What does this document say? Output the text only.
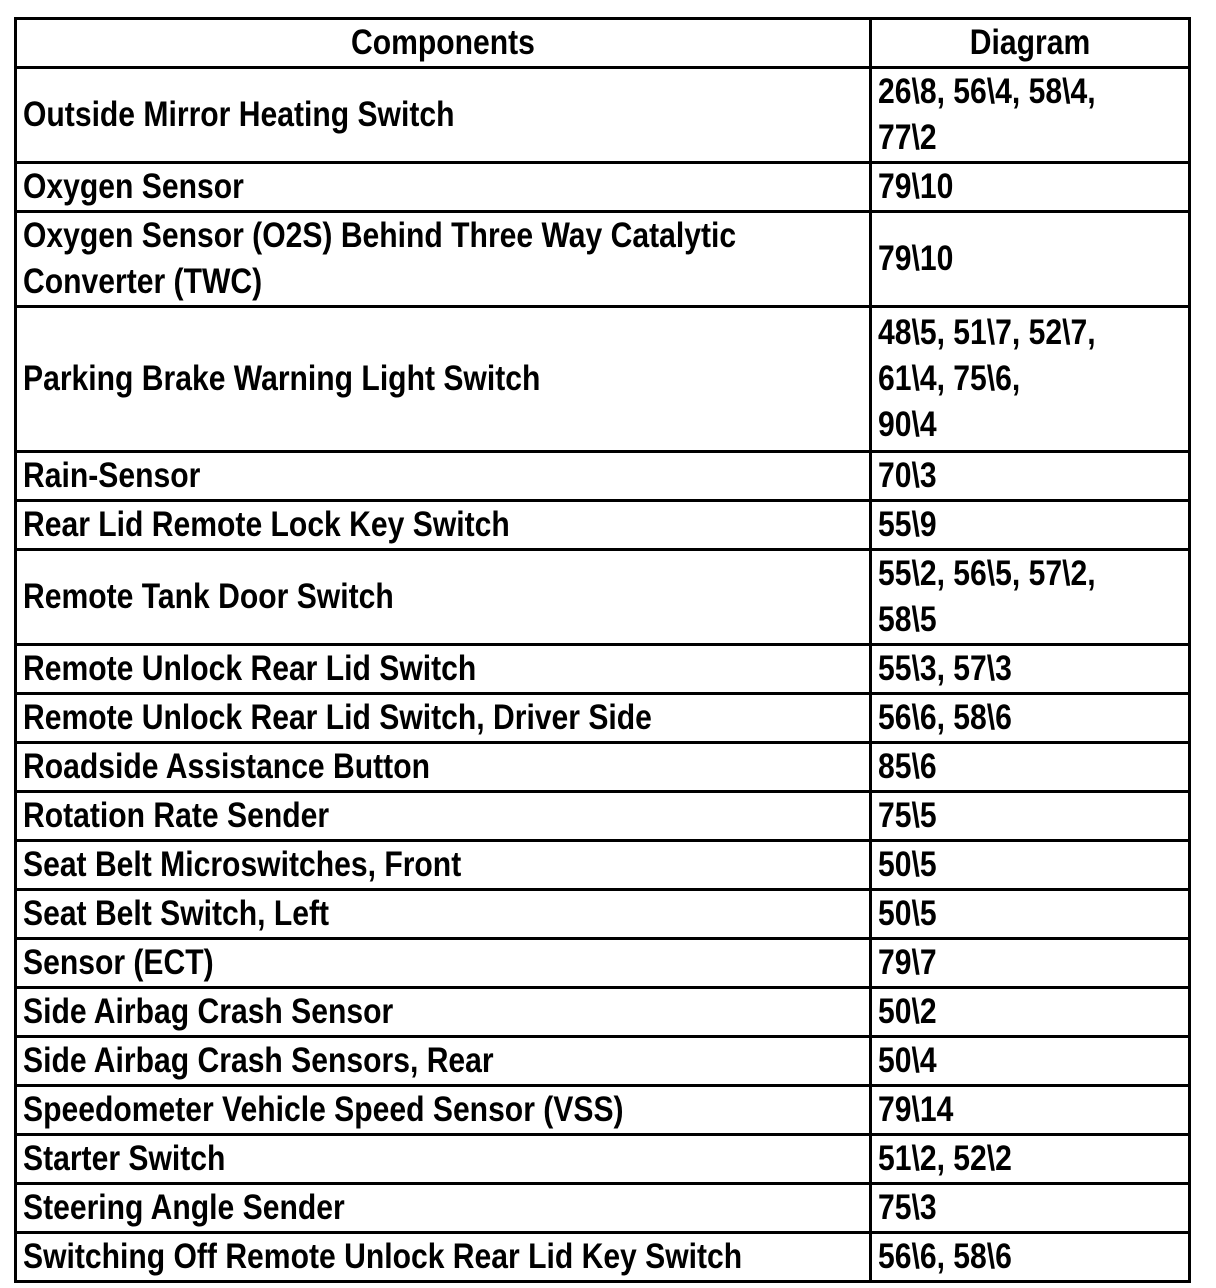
Components	Diagram
Outside Mirror Heating Switch	26\8, 56\4, 58\4, 77\2
Oxygen Sensor	79\10
Oxygen Sensor (O2S) Behind Three Way Catalytic
Converter (TWC)	79\10
Parking Brake Warning Light Switch	48\5, 51\7, 52\7,
61\4, 75\6,
90\4
Rain-Sensor	70\3
Rear Lid Remote Lock Key Switch	55\9
Remote Tank Door Switch	55\2, 56\5, 57\2, 58\5
Remote Unlock Rear Lid Switch	55\3, 57\3
Remote Unlock Rear Lid Switch, Driver Side	56\6, 58\6
Roadside Assistance Button	85\6
Rotation Rate Sender	75\5
Seat Belt Microswitches, Front	50\5
Seat Belt Switch, Left	50\5
Sensor (ECT)	79\7
Side Airbag Crash Sensor	50\2
Side Airbag Crash Sensors, Rear	50\4
Speedometer Vehicle Speed Sensor (VSS)	79\14
Starter Switch	51\2, 52\2
Steering Angle Sender	75\3
Switching Off Remote Unlock Rear Lid Key Switch	56\6, 58\6
